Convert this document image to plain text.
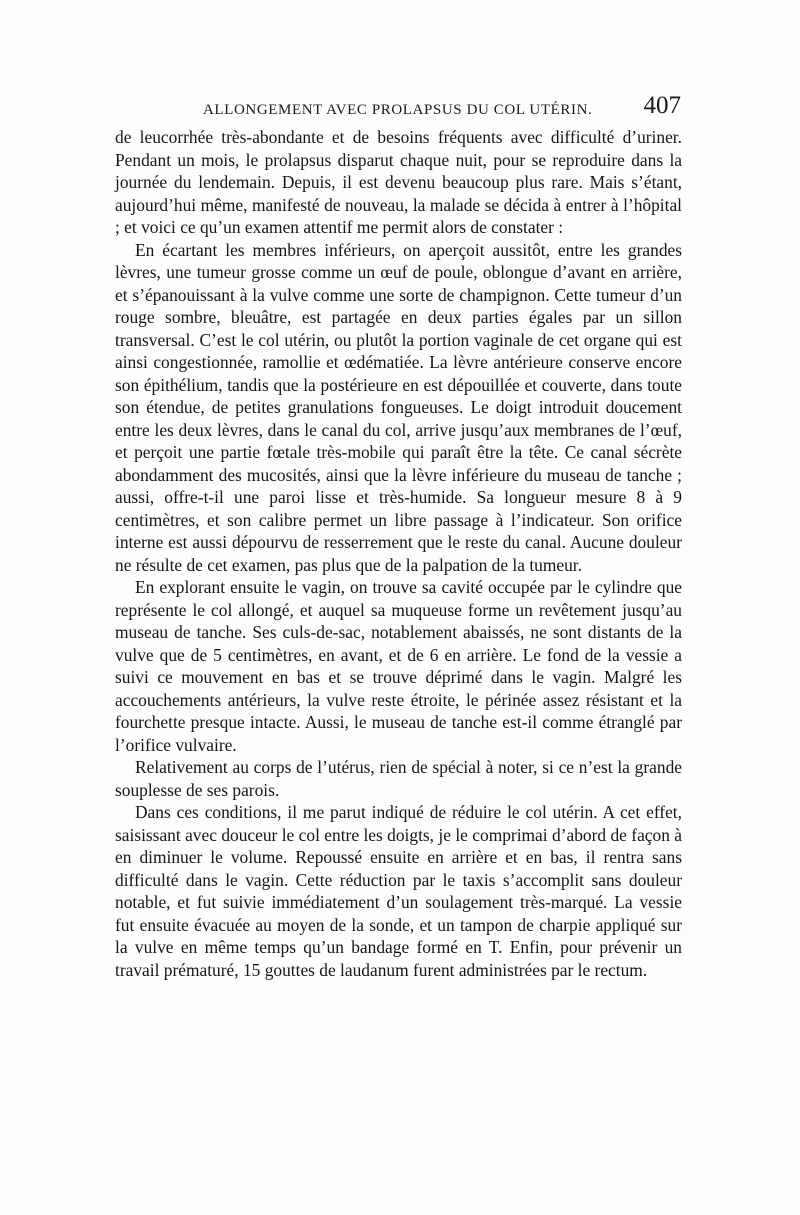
ALLONGEMENT AVEC PROLAPSUS DU COL UTÉRIN. 407

de leucorrhée très-abondante et de besoins fréquents avec difficulté d’uriner. Pendant un mois, le prolapsus disparut chaque nuit, pour se reproduire dans la journée du lendemain. Depuis, il est devenu beaucoup plus rare. Mais s’étant, aujourd’hui même, manifesté de nouveau, la malade se décida à entrer à l’hôpital ; et voici ce qu’un examen attentif me permit alors de constater :

En écartant les membres inférieurs, on aperçoit aussitôt, entre les grandes lèvres, une tumeur grosse comme un œuf de poule, oblongue d’avant en arrière, et s’épanouissant à la vulve comme une sorte de champignon. Cette tumeur d’un rouge sombre, bleuâtre, est partagée en deux parties égales par un sillon transversal. C’est le col utérin, ou plutôt la portion vaginale de cet organe qui est ainsi congestionnée, ramollie et œdématiée. La lèvre antérieure conserve encore son épithélium, tandis que la postérieure en est dépouillée et couverte, dans toute son étendue, de petites granulations fongueuses. Le doigt introduit doucement entre les deux lèvres, dans le canal du col, arrive jusqu’aux membranes de l’œuf, et perçoit une partie fœtale très-mobile qui paraît être la tête. Ce canal sécrète abondamment des mucosités, ainsi que la lèvre inférieure du museau de tanche ; aussi, offre-t-il une paroi lisse et très-humide. Sa longueur mesure 8 à 9 centimètres, et son calibre permet un libre passage à l’indicateur. Son orifice interne est aussi dépourvu de resserrement que le reste du canal. Aucune douleur ne résulte de cet examen, pas plus que de la palpation de la tumeur.

En explorant ensuite le vagin, on trouve sa cavité occupée par le cylindre que représente le col allongé, et auquel sa muqueuse forme un revêtement jusqu’au museau de tanche. Ses culs-de-sac, notablement abaissés, ne sont distants de la vulve que de 5 centimètres, en avant, et de 6 en arrière. Le fond de la vessie a suivi ce mouvement en bas et se trouve déprimé dans le vagin. Malgré les accouchements antérieurs, la vulve reste étroite, le périnée assez résistant et la fourchette presque intacte. Aussi, le museau de tanche est-il comme étranglé par l’orifice vulvaire.

Relativement au corps de l’utérus, rien de spécial à noter, si ce n’est la grande souplesse de ses parois.

Dans ces conditions, il me parut indiqué de réduire le col utérin. A cet effet, saisissant avec douceur le col entre les doigts, je le comprimai d’abord de façon à en diminuer le volume. Repoussé ensuite en arrière et en bas, il rentra sans difficulté dans le vagin. Cette réduction par le taxis s’accomplit sans douleur notable, et fut suivie immédiatement d’un soulagement très-marqué. La vessie fut ensuite évacuée au moyen de la sonde, et un tampon de charpie appliqué sur la vulve en même temps qu’un bandage formé en T. Enfin, pour prévenir un travail prématuré, 15 gouttes de laudanum furent administrées par le rectum.
